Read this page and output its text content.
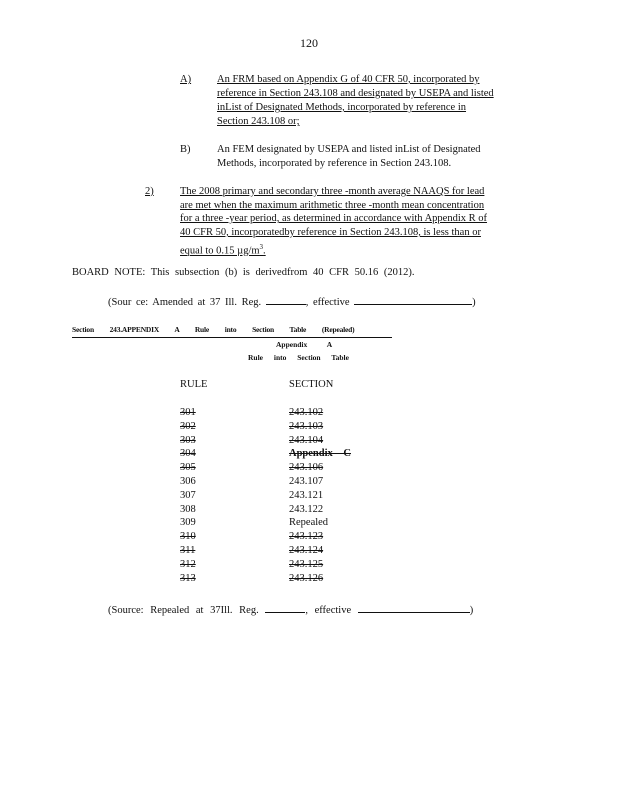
120
A) An FRM based on Appendix G of 40 CFR 50, incorporated by
reference in Section 243.108 and designated by USEPA and listed
inList of Designated Methods, incorporated by reference in
Section 243.108 or;
B)	An FEM designated by USEPA and listed inList of Designated
Methods, incorporated by reference in Section 243.108.
2)	The 2008 primary and secondary three -month average NAAQS for lead
are met when the maximum arithmetic three -month mean concentration
for a three -year period, as determined in accordance with Appendix R of
40 CFR 50, incorporatedby reference in Section 243.108, is less than or
equal to 0.15 $\mu g/m^3$.
BOARD NOTE: This subsection (b) is derivedfrom 40 CFR 50.16 (2012).
(Sour ce: Amended at 37 Ill. Reg.	, effective	)
Section 243.APPENDIX A Rule into Section Table (Repealed)
Appendix A
Rule into Section Table
RULE	SECTION
301	243.102
302	243.103
303	243.104
304	Appendix C
305	243.106
306	243.107
307	243.121
308	243.122
309	Repealed
310	243.123
311	243.124
312	243.125
313	243.126
(Source: Repealed at 37Ill. Reg.	, effective	)
